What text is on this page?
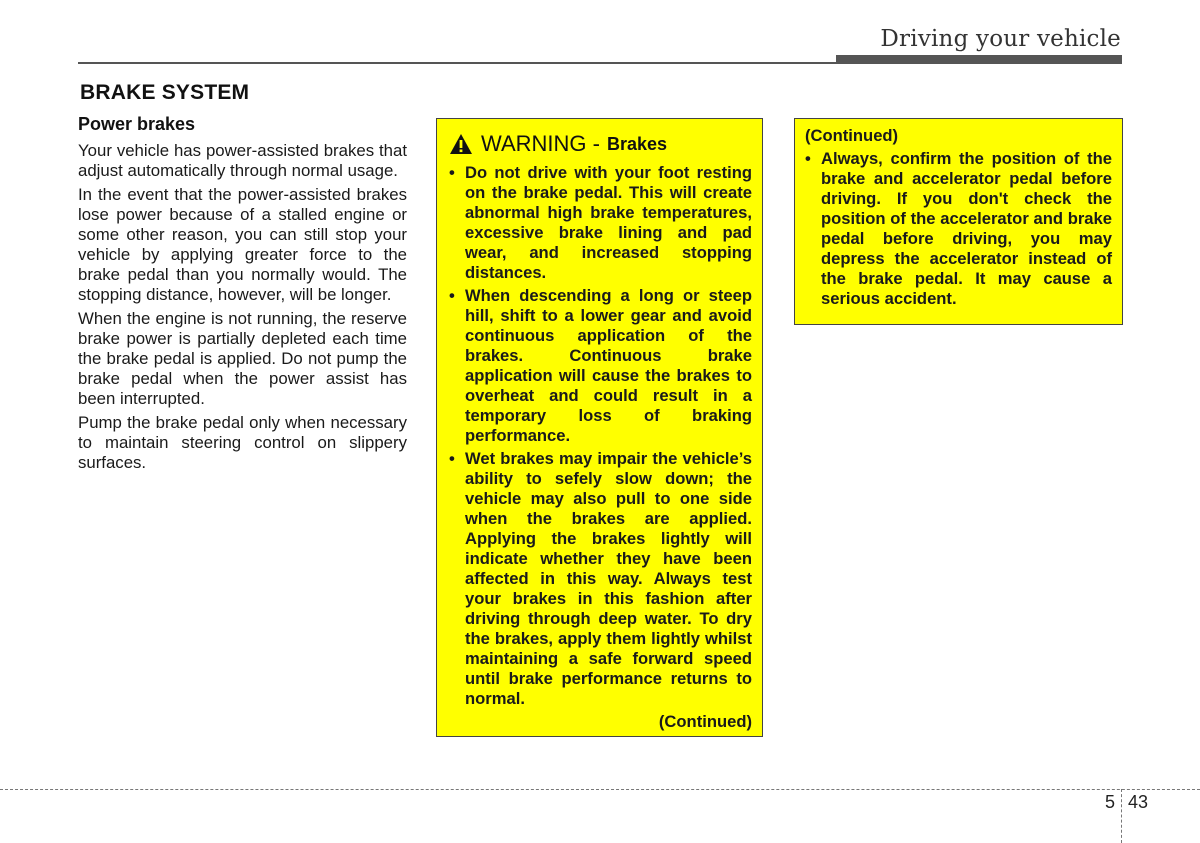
Driving your vehicle
BRAKE SYSTEM
Power brakes

Your vehicle has power-assisted brakes that adjust automatically through normal usage.

In the event that the power-assisted brakes lose power because of a stalled engine or some other reason, you can still stop your vehicle by applying greater force to the brake pedal than you normally would. The stopping distance, however, will be longer.

When the engine is not running, the reserve brake power is partially depleted each time the brake pedal is applied. Do not pump the brake pedal when the power assist has been interrupted.

Pump the brake pedal only when necessary to maintain steering control on slippery surfaces.

WARNING - Brakes
• Do not drive with your foot resting on the brake pedal. This will create abnormal high brake temperatures, excessive brake lining and pad wear, and increased stopping distances.
• When descending a long or steep hill, shift to a lower gear and avoid continuous application of the brakes. Continuous brake application will cause the brakes to overheat and could result in a temporary loss of braking performance.
• Wet brakes may impair the vehicle’s ability to sefely slow down; the vehicle may also pull to one side when the brakes are applied. Applying the brakes lightly will indicate whether they have been affected in this way. Always test your brakes in this fashion after driving through deep water. To dry the brakes, apply them lightly whilst maintaining a safe forward speed until brake performance returns to normal.
(Continued)
(Continued)
• Always, confirm the position of the brake and accelerator pedal before driving. If you don't check the position of the accelerator and brake pedal before driving, you may depress the accelerator instead of the brake pedal. It may cause a serious accident.
5 43
